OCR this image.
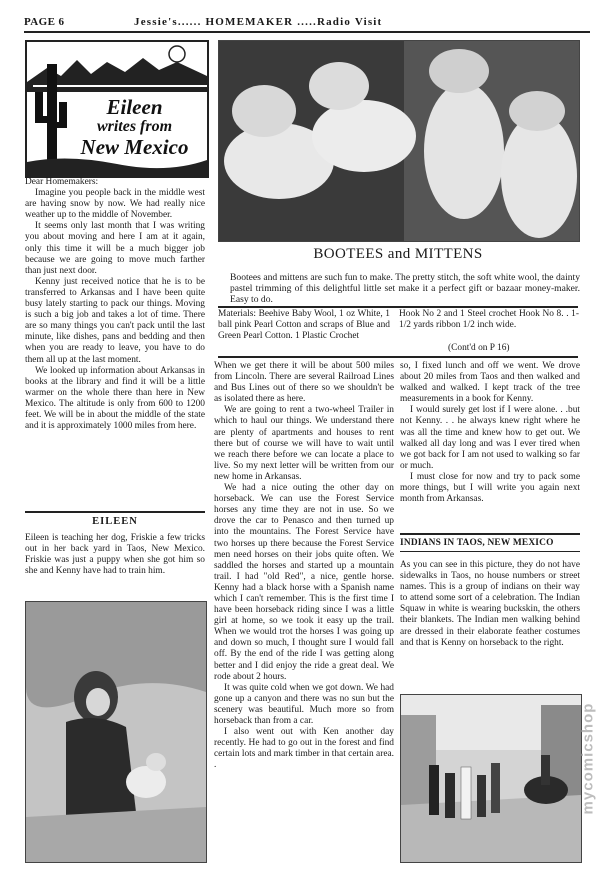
PAGE 6	Jessie's...... HOMEMAKER .....Radio Visit
Eileen
writes from
New Mexico
BOOTEES and MITTENS
Bootees and mittens are such fun to make. The pretty stitch, the soft white wool, the dainty pastel trimming of this delightful little set make it a perfect gift or bazaar money-maker. Easy to do.
Materials: Beehive Baby Wool, 1 oz White, 1 ball pink Pearl Cotton and scraps of Blue and Green Pearl Cotton. 1 Plastic Crochet
Hook No 2 and 1 Steel crochet Hook No 8. . 1-1/2 yards ribbon 1/2 inch wide.
(Cont'd on P 16)

Dear Homemakers:

Imagine you people back in the middle west are having snow by now. We had really nice weather up to the middle of November.

It seems only last month that I was writing you about moving and here I am at it again, only this time it will be a much bigger job because we are going to move much farther than just next door.

Kenny just received notice that he is to be transferred to Arkansas and I have been quite busy lately starting to pack our things. Moving is such a big job and takes a lot of time. There are so many things you can't pack until the last minute, like dishes, pans and bedding and then when you are ready to leave, you have to do them all up at the last moment.

We looked up information about Arkansas in books at the library and find it will be a little warmer on the whole there than here in New Mexico. The altitude is only from 600 to 1200 feet. We will be in about the middle of the state and it is approximately 1000 miles from here.

EILEEN
Eileen is teaching her dog, Friskie a few tricks out in her back yard in Taos, New Mexico. Friskie was just a puppy when she got him so she and Kenny have had to train him.

When we get there it will be about 500 miles from Lincoln. There are several Railroad Lines and Bus Lines out of there so we shouldn't be as isolated there as here.

We are going to rent a two-wheel Trailer in which to haul our things. We understand there are plenty of apartments and houses to rent there but of course we will have to wait until we reach there before we can locate a place to live. So my next letter will be written from our new home in Arkansas.

We had a nice outing the other day on horseback. We can use the Forest Service horses any time they are not in use. So we drove the car to Penasco and then turned up into the mountains. The Forest Service have two horses up there because the Forest Service men need horses on their jobs quite often. We saddled the horses and started up a mountain trail. I had "old Red", a nice, gentle horse. Kenny had a black horse with a Spanish name which I can't remember. This is the first time I have been horseback riding since I was a little girl at home, so we took it easy up the trail. When we would trot the horses I was going up and down so much, I thought sure I would fall off. By the end of the ride I was getting along better and I did enjoy the ride a great deal. We rode about 2 hours.

It was quite cold when we got down. We had gone up a canyon and there was no sun but the scenery was beautiful. Much more so from horseback than from a car.

I also went out with Ken another day recently. He had to go out in the forest and find certain lots and mark timber in that certain area. .

so, I fixed lunch and off we went. We drove about 20 miles from Taos and then walked and walked and walked. I kept track of the tree measurements in a book for Kenny.

I would surely get lost if I were alone. . .but not Kenny. . . he always knew right where he was all the time and knew how to get out. We walked all day long and was I ever tired when we got back for I am not used to walking so far or much.

I must close for now and try to pack some more things, but I will write you again next month from Arkansas.

INDIANS IN TAOS, NEW MEXICO
As you can see in this picture, they do not have sidewalks in Taos, no house numbers or street names. This is a group of indians on their way to attend some sort of a celebration. The Indian Squaw in white is wearing buckskin, the others their blankets. The Indian men walking behind are dressed in their elaborate feather costumes and that is Kenny on horseback to the right.
mycomicshop
